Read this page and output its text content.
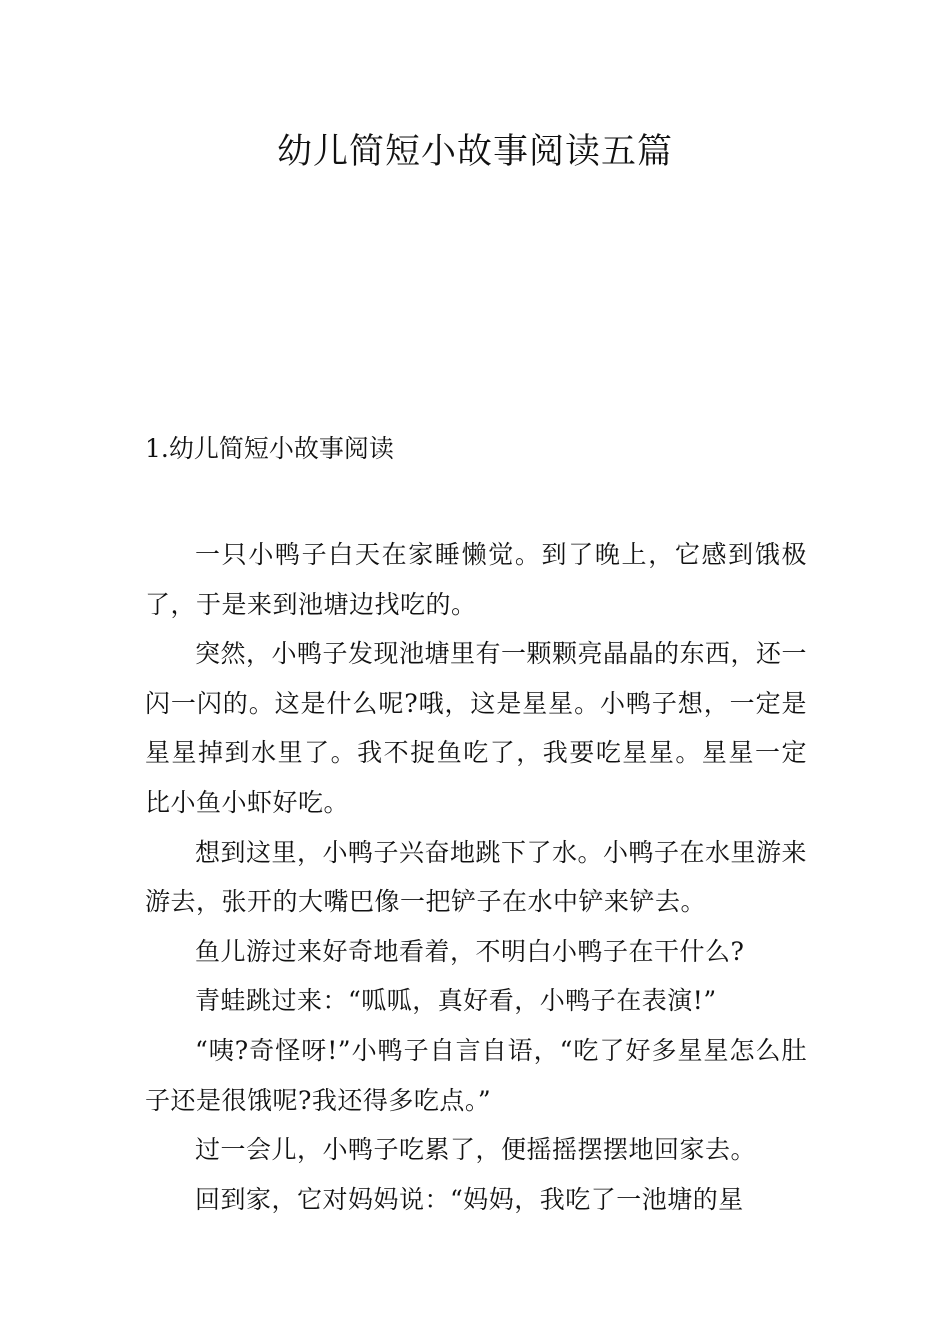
幼儿简短小故事阅读五篇
1.幼儿简短小故事阅读

一只小鸭子白天在家睡懒觉。到了晚上，它感到饿极了，于是来到池塘边找吃的。

突然，小鸭子发现池塘里有一颗颗亮晶晶的东西，还一闪一闪的。这是什么呢?哦，这是星星。小鸭子想，一定是星星掉到水里了。我不捉鱼吃了，我要吃星星。星星一定比小鱼小虾好吃。

想到这里，小鸭子兴奋地跳下了水。小鸭子在水里游来游去，张开的大嘴巴像一把铲子在水中铲来铲去。

鱼儿游过来好奇地看着，不明白小鸭子在干什么?

青蛙跳过来：“呱呱，真好看，小鸭子在表演!”

“咦?奇怪呀!”小鸭子自言自语，“吃了好多星星怎么肚子还是很饿呢?我还得多吃点。”

过一会儿，小鸭子吃累了，便摇摇摆摆地回家去。

回到家，它对妈妈说：“妈妈，我吃了一池塘的星
